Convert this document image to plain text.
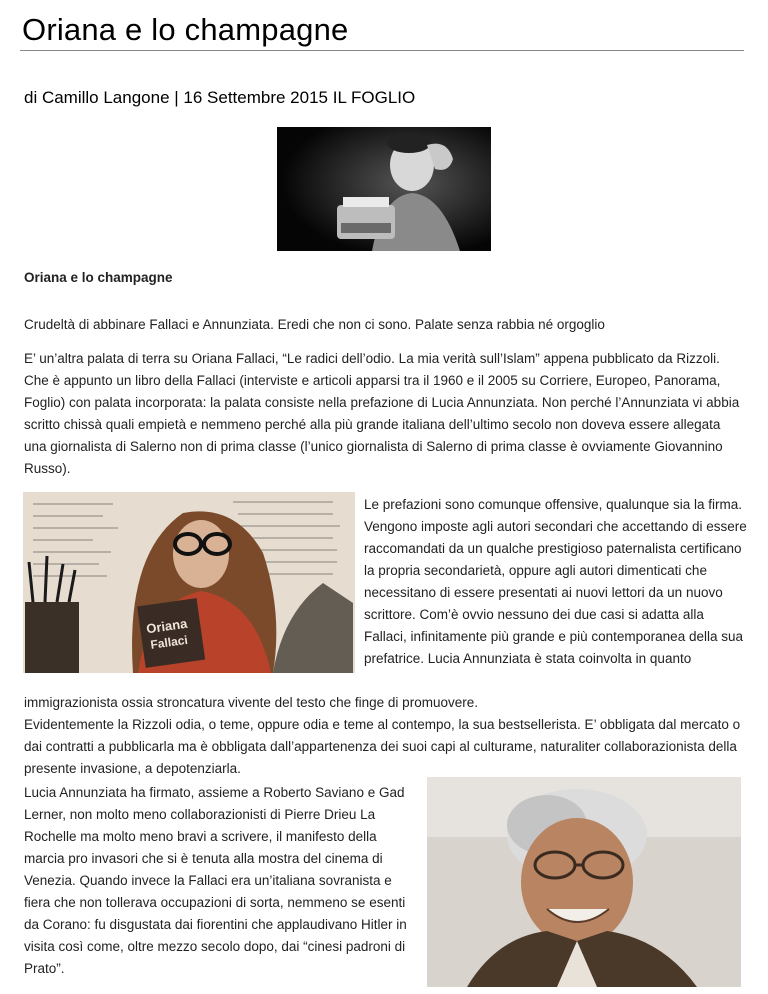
Oriana e lo champagne
di Camillo Langone | 16 Settembre 2015 IL FOGLIO
Oriana e lo champagne

Crudeltà di abbinare Fallaci e Annunziata. Eredi che non ci sono. Palate senza rabbia né orgoglio

E’ un’altra palata di terra su Oriana Fallaci, “Le radici dell’odio. La mia verità sull’Islam” appena pubblicato da Rizzoli. Che è appunto un libro della Fallaci (interviste e articoli apparsi tra il 1960 e il 2005 su Corriere, Europeo, Panorama, Foglio) con palata incorporata: la palata consiste nella prefazione di Lucia Annunziata. Non perché l’Annunziata vi abbia scritto chissà quali empietà e nemmeno perché alla più grande italiana dell’ultimo secolo non doveva essere allegata una giornalista di Salerno non di prima classe (l’unico giornalista di Salerno di prima classe è ovviamente Giovannino Russo).

Oriana
Fallaci

Le prefazioni sono comunque offensive, qualunque sia la firma. Vengono imposte agli autori secondari che accettando di essere raccomandati da un qualche prestigioso paternalista certificano la propria secondarietà, oppure agli autori dimenticati che necessitano di essere presentati ai nuovi lettori da un nuovo scrittore. Com’è ovvio nessuno dei due casi si adatta alla Fallaci, infinitamente più grande e più contemporanea della sua prefatrice. Lucia Annunziata è stata coinvolta in quanto

immigrazionista ossia stroncatura vivente del testo che finge di promuovere.
Evidentemente la Rizzoli odia, o teme, oppure odia e teme al contempo, la sua bestsellerista. E’ obbligata dal mercato o dai contratti a pubblicarla ma è obbligata dall’appartenenza dei suoi capi al culturame, naturaliter collaborazionista della presente invasione, a depotenziarla.

Lucia Annunziata ha firmato, assieme a Roberto Saviano e Gad Lerner, non molto meno collaborazionisti di Pierre Drieu La Rochelle ma molto meno bravi a scrivere, il manifesto della marcia pro invasori che si è tenuta alla mostra del cinema di Venezia. Quando invece la Fallaci era un’italiana sovranista e fiera che non tollerava occupazioni di sorta, nemmeno se esenti da Corano: fu disgustata dai fiorentini che applaudivano Hitler in visita così come, oltre mezzo secolo dopo, dai “cinesi padroni di Prato”.
